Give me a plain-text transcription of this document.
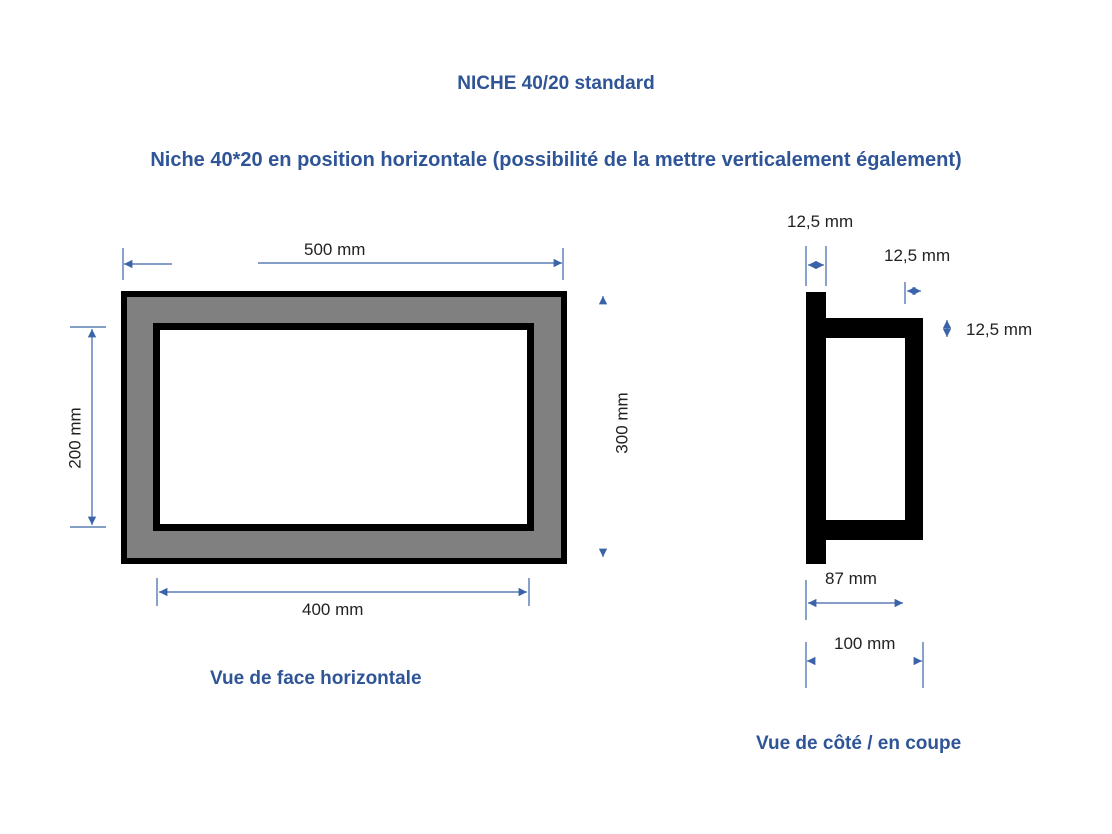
NICHE 40/20 standard
Niche 40*20 en position horizontale (possibilité de la mettre verticalement également)
500 mm
400 mm
200 mm	300 mm
12,5 mm
12,5 mm
12,5 mm
87 mm
100 mm
Vue de face horizontale
Vue de côté / en coupe
